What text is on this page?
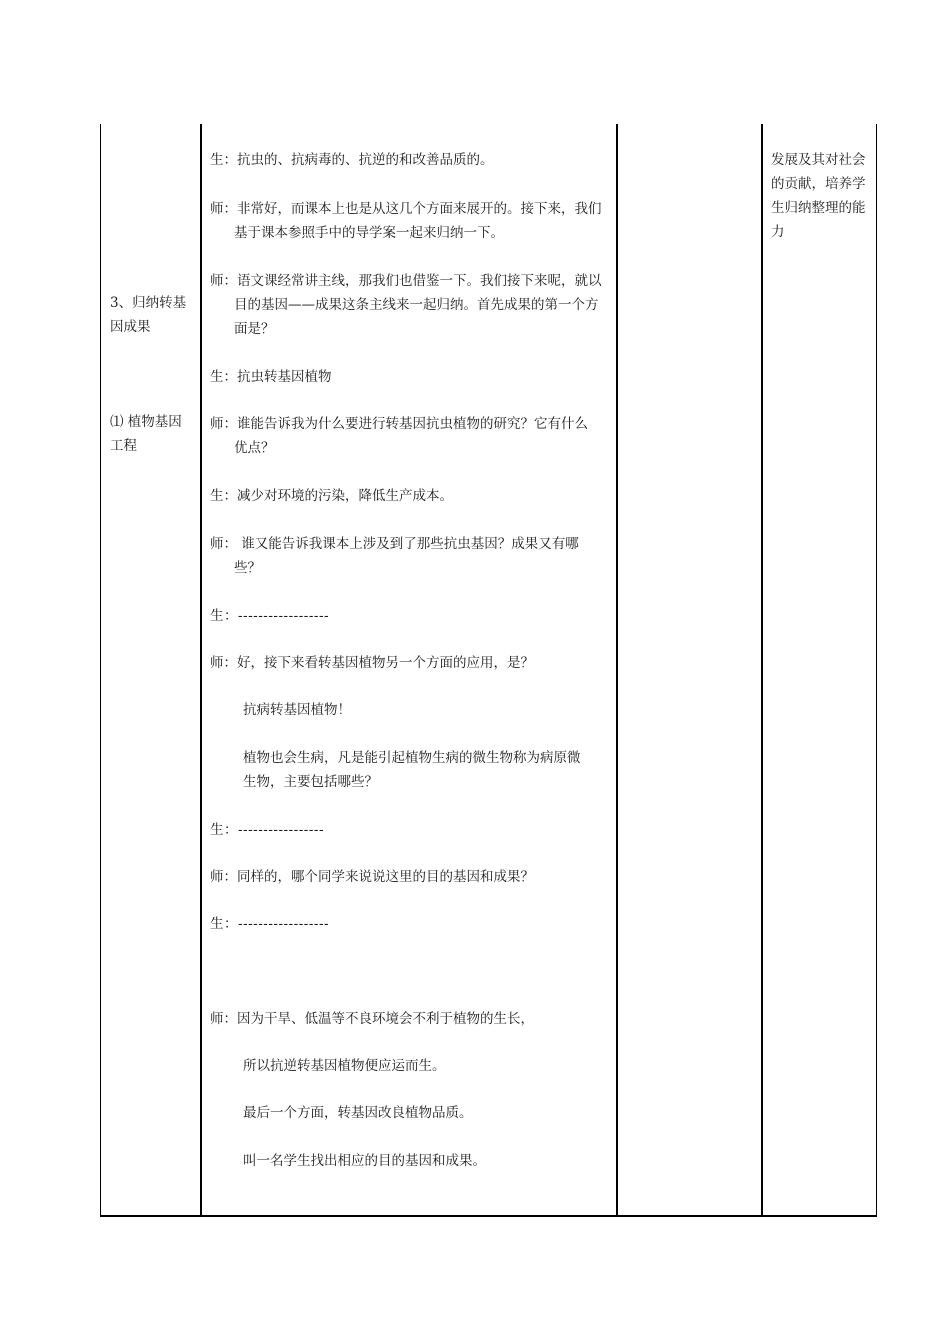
3、归纳转基因成果
⑴ 植物基因工程
生：抗虫的、抗病毒的、抗逆的和改善品质的。
师：非常好，而课本上也是从这几个方面来展开的。接下来，我们
基于课本参照手中的导学案一起来归纳一下。
师：语文课经常讲主线，那我们也借鉴一下。我们接下来呢，就以
目的基因——成果这条主线来一起归纳。首先成果的第一个方面是？
生：抗虫转基因植物
师：谁能告诉我为什么要进行转基因抗虫植物的研究？它有什么
优点？
生：减少对环境的污染，降低生产成本。
师： 谁又能告诉我课本上涉及到了那些抗虫基因？成果又有哪
些？
生：------------------
师：好，接下来看转基因植物另一个方面的应用，是？
抗病转基因植物！
植物也会生病，凡是能引起植物生病的微生物称为病原微
生物，主要包括哪些？
生：-----------------
师：同样的，哪个同学来说说这里的目的基因和成果？
生：------------------
师：因为干旱、低温等不良环境会不利于植物的生长，
所以抗逆转基因植物便应运而生。
最后一个方面，转基因改良植物品质。
叫一名学生找出相应的目的基因和成果。
发展及其对社会的贡献，培养学生归纳整理的能力
